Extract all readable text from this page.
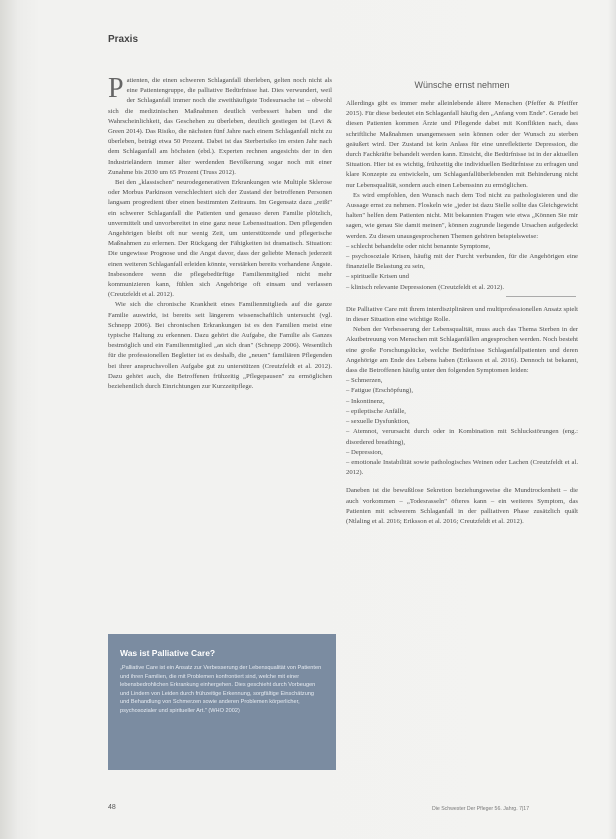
Praxis

Patienten, die einen schweren Schlaganfall überleben, gelten noch nicht als eine Patientengruppe, die palliative Bedürfnisse hat. Dies verwundert, weil der Schlaganfall immer noch die zweithäufigste Todesursache ist – obwohl sich die medizinischen Maßnahmen deutlich verbessert haben und die Wahrscheinlichkeit, das Geschehen zu überleben, deutlich gestiegen ist (Levi & Green 2014). Das Risiko, die nächsten fünf Jahre nach einem Schlaganfall nicht zu überleben, beträgt etwa 50 Prozent. Dabei ist das Sterberisiko im ersten Jahr nach dem Schlaganfall am höchsten (ebd.). Experten rechnen angesichts der in den Industrieländern immer älter werdenden Bevölkerung sogar noch mit einer Zunahme bis 2030 um 65 Prozent (Truss 2012).

Bei den „klassischen" neurodegenerativen Erkrankungen wie Multiple Sklerose oder Morbus Parkinson verschlechtert sich der Zustand der betroffenen Personen langsam progredient über einen bestimmten Zeitraum. Im Gegensatz dazu „reißt" ein schwerer Schlaganfall die Patienten und genauso deren Familie plötzlich, unvermittelt und unvorbereitet in eine ganz neue Lebenssituation. Den pflegenden Angehörigen bleibt oft nur wenig Zeit, um unterstützende und pflegerische Maßnahmen zu erlernen. Der Rückgang der Fähigkeiten ist dramatisch. Situation: Die ungewisse Prognose und die Angst davor, dass der geliebte Mensch jederzeit einen weiteren Schlaganfall erleiden könnte, verstärken bereits vorhandene Ängste. Insbesondere wenn die pflegebedürftige Familienmitglied nicht mehr kommunizieren kann, fühlen sich Angehörige oft einsam und verlassen (Creutzfeldt et al. 2012).

Wie sich die chronische Krankheit eines Familienmitglieds auf die ganze Familie auswirkt, ist bereits seit längerem wissenschaftlich untersucht (vgl. Schnepp 2006). Bei chronischen Erkrankungen ist es den Familien meist eine typische Haltung zu erkennen. Dazu gehört die Aufgabe, die Familie als Ganzes bestmöglich und ein Familienmitglied „an sich dran" (Schnepp 2006). Wesentlich für die professionellen Begleiter ist es deshalb, die „neuen" familiären Pflegenden bei ihrer anspruchsvollen Aufgabe gut zu unterstützen (Creutzfeldt et al. 2012). Dazu gehört auch, die Betroffenen frühzeitig „Pflegepausen" zu ermöglichen beziehentlich durch Einrichtungen zur Kurzzeitpflege.

Wünsche ernst nehmen

Allerdings gibt es immer mehr alleinlebende ältere Menschen (Pfeffer & Pfeiffer 2015). Für diese bedeutet ein Schlaganfall häufig den „Anfang vom Ende". Gerade bei diesen Patienten kommen Ärzte und Pflegende dabei mit Konflikten nach, dass schriftliche Maßnahmen unangemessen sein können oder der Wunsch zu sterben geäußert wird. Der Zustand ist kein Anlass für eine unreflektierte Depression, die durch Fachkräfte behandelt werden kann. Einsicht, die Bedürfnisse ist in der aktuellen Situation. Hier ist es wichtig, frühzeitig die individuellen Bedürfnisse zu erfragen und klare Konzepte zu entwickeln, um Schlaganfallüberlebenden mit Behinderung nicht nur Lebensqualität, sondern auch einen Lebenssinn zu ermöglichen.

Es wird empfohlen, den Wunsch nach dem Tod nicht zu pathologisieren und die Aussage ernst zu nehmen. Floskeln wie „jeder ist dazu Stelle sollte das Gleichgewicht halten" helfen dem Patienten nicht. Mit bekannten Fragen wie etwa „Können Sie mir sagen, wie genau Sie damit meinen", können zugrunde liegende Ursachen aufgedeckt werden. Zu diesen unausgesprochenen Themen gehören beispielsweise:

– schlecht behandelte oder nicht benannte Symptome,
– psychosoziale Krisen, häufig mit der Furcht verbunden, für die Angehörigen eine finanzielle Belastung zu sein,
– spirituelle Krisen und
– klinisch relevante Depressionen (Creutzfeldt et al. 2012).

Die Palliative Care mit ihrem interdisziplinären und multiprofessionellen Ansatz spielt in dieser Situation eine wichtige Rolle.

Neben der Verbesserung der Lebensqualität, muss auch das Thema Sterben in der Akutbetreuung von Menschen mit Schlaganfällen angesprochen werden. Noch besteht eine große Forschungslücke, welche Bedürfnisse Schlaganfallpatienten und deren Angehörige am Ende des Lebens haben (Eriksson et al. 2016). Dennoch ist bekannt, dass die Betroffenen häufig unter den folgenden Symptomen leiden:

– Schmerzen,
– Fatigue (Erschöpfung),
– Inkontinenz,
– epileptische Anfälle,
– sexuelle Dysfunktion,
– Atemnot, verursacht durch oder in Kombination mit Schluckstörungen (eng.: disordered breathing),
– Depression,
– emotionale Instabilität sowie pathologisches Weinen oder Lachen (Creutzfeldt et al. 2012).

Daneben ist die bewußtlose Sekretion beziehungsweise die Mundtrockenheit – die auch vorkommen – „Todesrasseln" öfteres kann – ein weiteres Symptom, das Patienten mit schwerem Schlaganfall in der palliativen Phase zusätzlich quält (Ntlaling et al. 2016; Eriksson et al. 2016; Creutzfeldt et al. 2012).

Was ist Palliative Care?
„Palliative Care ist ein Ansatz zur Verbesserung der Lebensqualität von Patienten und ihren Familien, die mit Problemen konfrontiert sind, welche mit einer lebensbedrohlichen Erkrankung einhergehen. Dies geschieht durch Vorbeugen und Lindern von Leiden durch frühzeitige Erkennung, sorgfältige Einschätzung und Behandlung von Schmerzen sowie anderen Problemen körperlicher, psychosozialer und spiritueller Art." (WHO 2002)
48	Die Schwester Der Pfleger 56. Jahrg. 7|17
